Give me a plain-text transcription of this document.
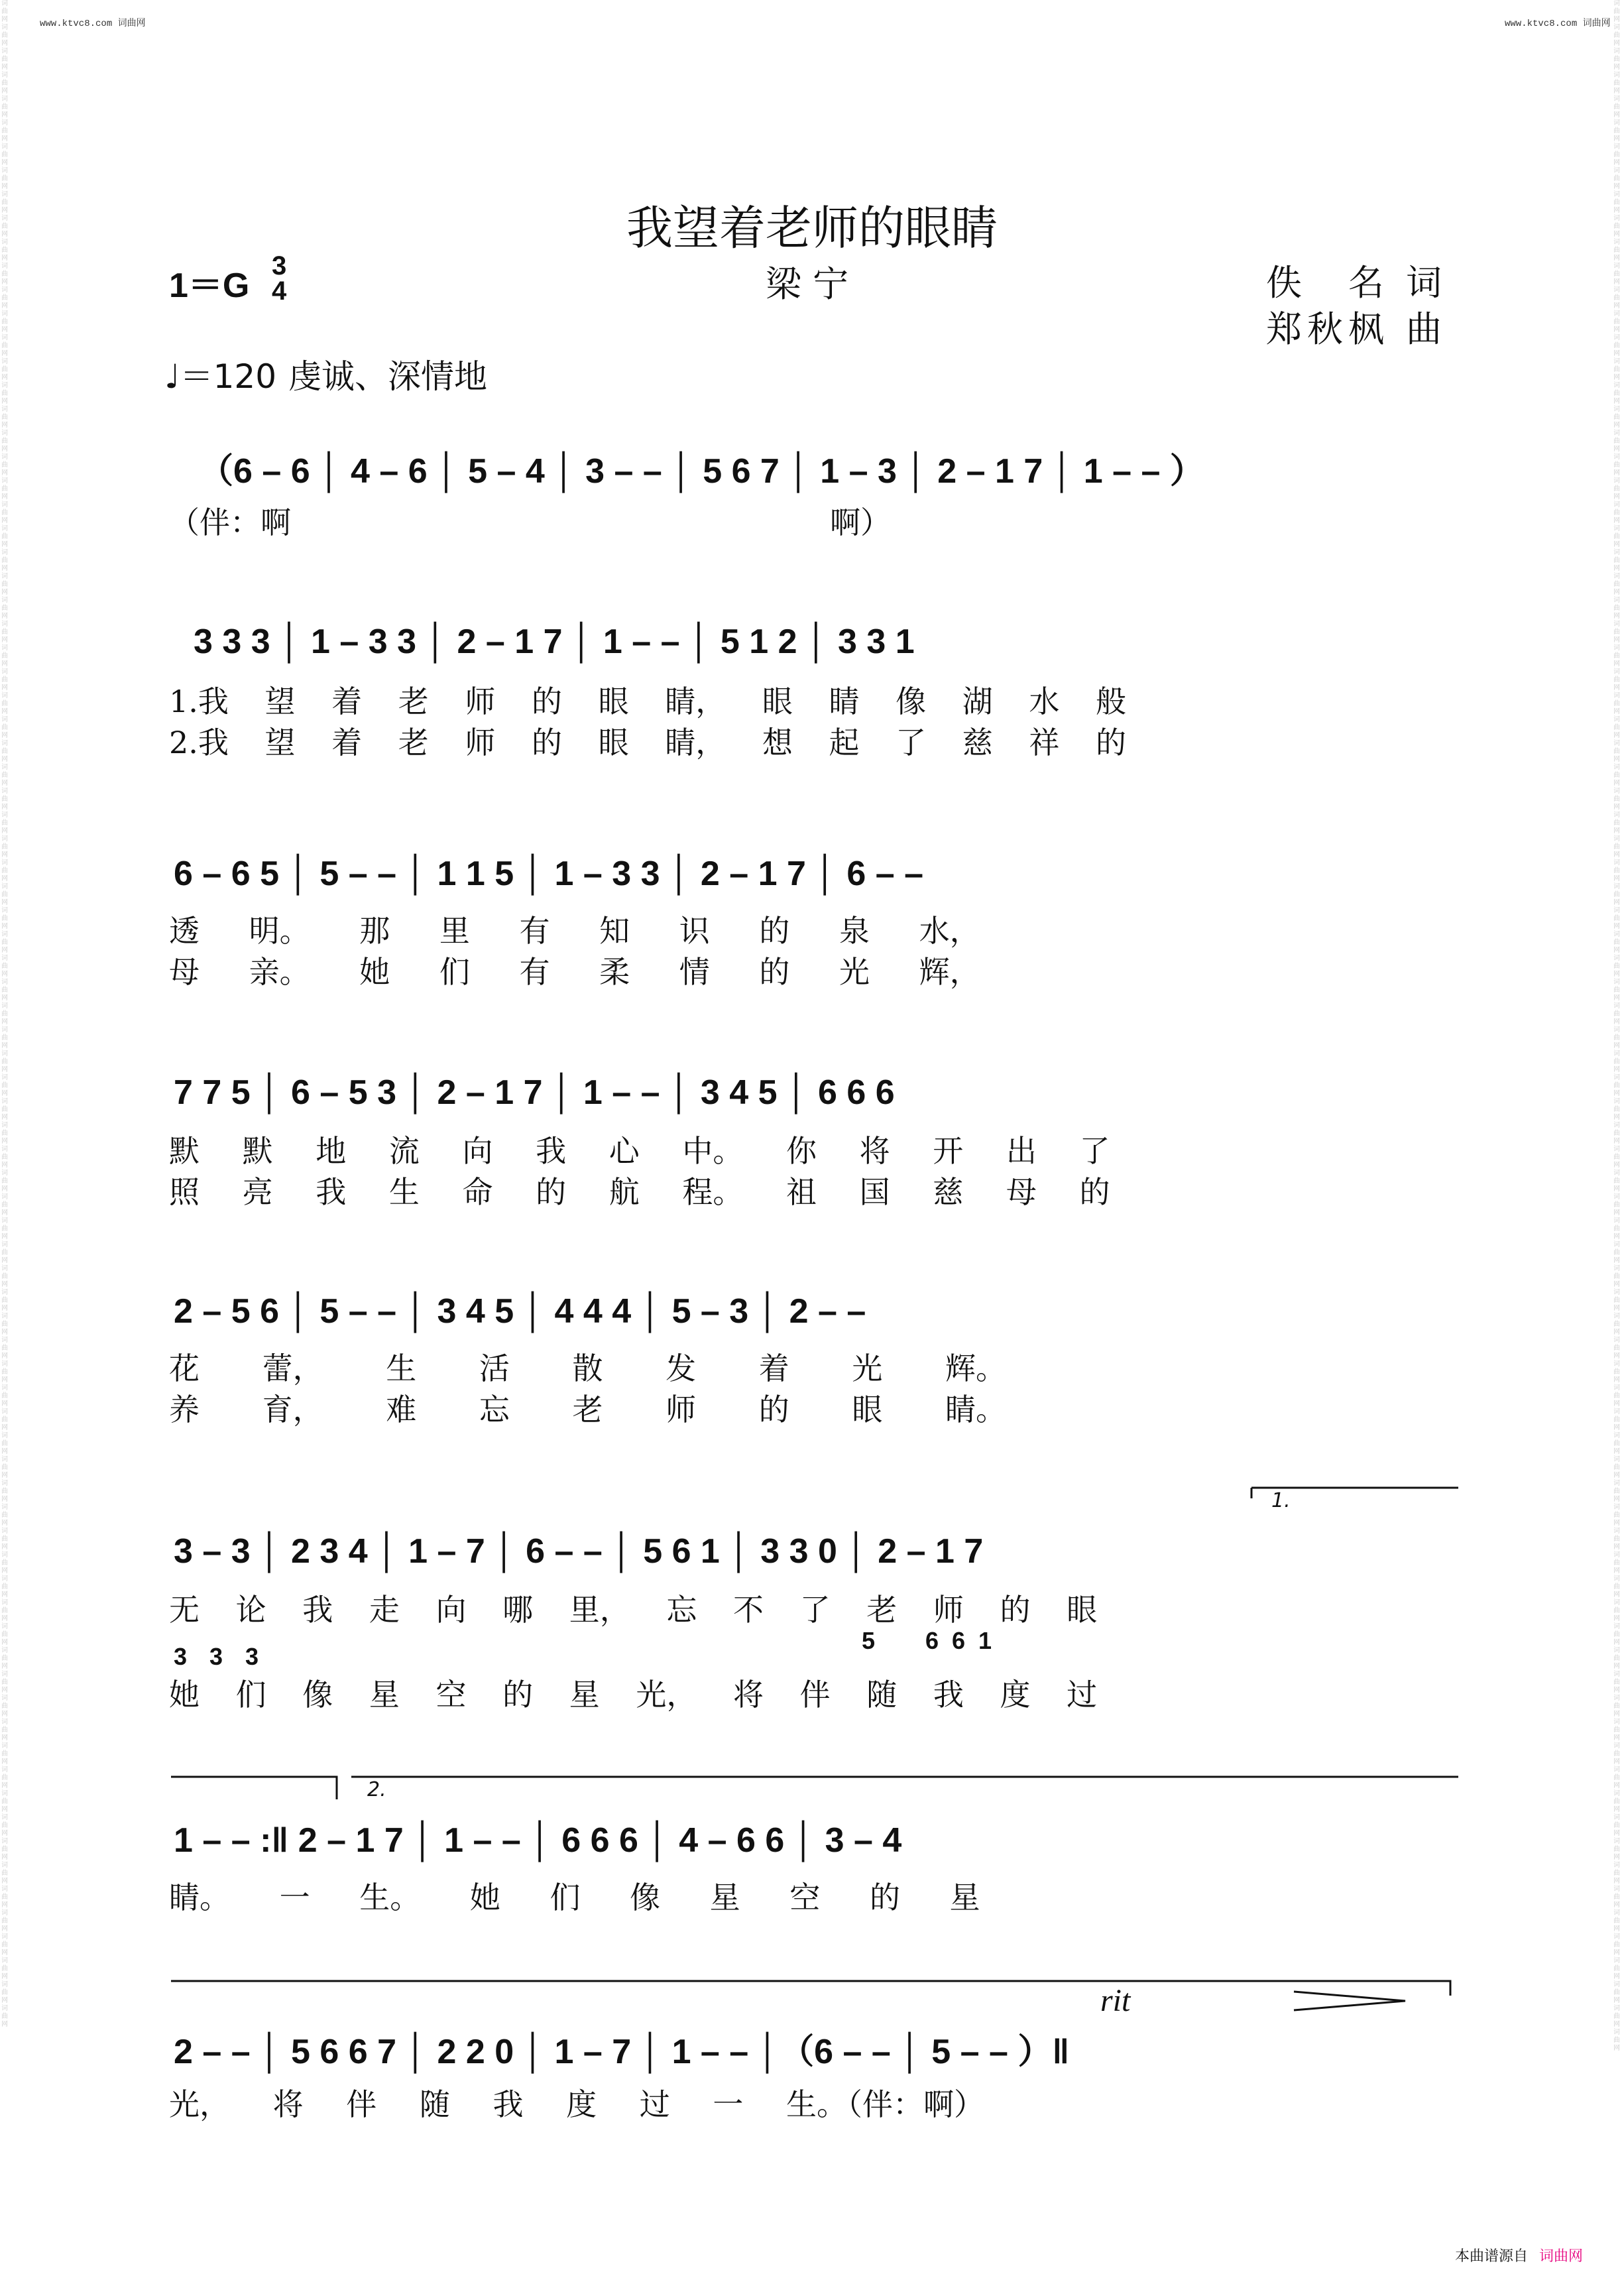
词曲网词曲网词曲网词曲网词曲网词曲网词曲网词曲网词曲网词曲网词曲网词曲网词曲网词曲网词曲网词曲网词曲网词曲网词曲网词曲网词曲网词曲网词曲网词曲网词曲网词曲网词曲网词曲网词曲网词曲网词曲网词曲网词曲网词曲网词曲网词曲网词曲网词曲网词曲网词曲网词曲网词曲网词曲网词曲网词曲网词曲网词曲网词曲网词曲网词曲网词曲网词曲网词曲网词曲网词曲网词曲网词曲网词曲网词曲网词曲网词曲网词曲网词曲网词曲网词曲网词曲网词曲网词曲网词曲网词曲网词曲网词曲网词曲网词曲网词曲网词曲网词曲网词曲网词曲网词曲网词曲网词曲网词曲网词曲网词曲网
词曲网词曲网词曲网词曲网词曲网词曲网词曲网词曲网词曲网词曲网词曲网词曲网词曲网词曲网词曲网词曲网词曲网词曲网词曲网词曲网词曲网词曲网词曲网词曲网词曲网词曲网词曲网词曲网词曲网词曲网词曲网词曲网词曲网词曲网词曲网词曲网词曲网词曲网词曲网词曲网词曲网词曲网词曲网词曲网词曲网词曲网词曲网词曲网词曲网词曲网词曲网词曲网词曲网词曲网词曲网词曲网词曲网词曲网词曲网词曲网词曲网词曲网词曲网词曲网词曲网词曲网词曲网词曲网词曲网词曲网词曲网词曲网词曲网词曲网词曲网词曲网词曲网词曲网词曲网词曲网词曲网词曲网词曲网词曲网词曲网词曲网
www.ktvc8.com 词曲网	www.ktvc8.com 词曲网
我望着老师的眼睛
1＝G
3
4	梁 宁	佚　名 词
郑秋枫 曲
♩＝120 虔诚、深情地
（6 – 6 │ 4 – 6 │ 5 – 4 │ 3 – – │ 5 6 7 │ 1 – 3 │ 2 – 1 7 │ 1 – – ）
（伴：啊	啊）
3 3 3 │ 1 – 3 3 │ 2 – 1 7 │ 1 – – │ 5 1 2 │ 3 3 1
1.我 望 着 老 师 的 眼 睛， 眼 睛 像 湖 水 般
2.我 望 着 老 师 的 眼 睛， 想 起 了 慈 祥 的
6 – 6 5 │ 5 – – │ 1 1 5 │ 1 – 3 3 │ 2 – 1 7 │ 6 – –
透 明。 那 里 有 知 识 的 泉 水，
母 亲。 她 们 有 柔 情 的 光 辉，
7 7 5 │ 6 – 5 3 │ 2 – 1 7 │ 1 – – │ 3 4 5 │ 6 6 6
默 默 地 流 向 我 心 中。 你 将 开 出 了
照 亮 我 生 命 的 航 程。 祖 国 慈 母 的
2 – 5 6 │ 5 – – │ 3 4 5 │ 4 4 4 │ 5 – 3 │ 2 – –
花 蕾， 生 活 散 发 着 光 辉。
养 育， 难 忘 老 师 的 眼 睛。
1.
3 – 3 │ 2 3 4 │ 1 – 7 │ 6 – – │ 5 6 1 │ 3 3 0 │ 2 – 1 7
无 论 我 走 向 哪 里， 忘 不 了 老 师 的 眼
3 3 3
5 6 6 1
她 们 像 星 空 的 星 光， 将 伴 随 我 度 过
2.
1 – – :‖ 2 – 1 7 │ 1 – – │ 6 6 6 │ 4 – 6 6 │ 3 – 4
睛。 一 生。 她 们 像 星 空 的 星
rit
2 – – │ 5 6 6 7 │ 2 2 0 │ 1 – 7 │ 1 – – │（6 – – │ 5 – – ）‖
光， 将 伴 随 我 度 过 一 生。（伴：啊）
本曲谱源自 词曲网
